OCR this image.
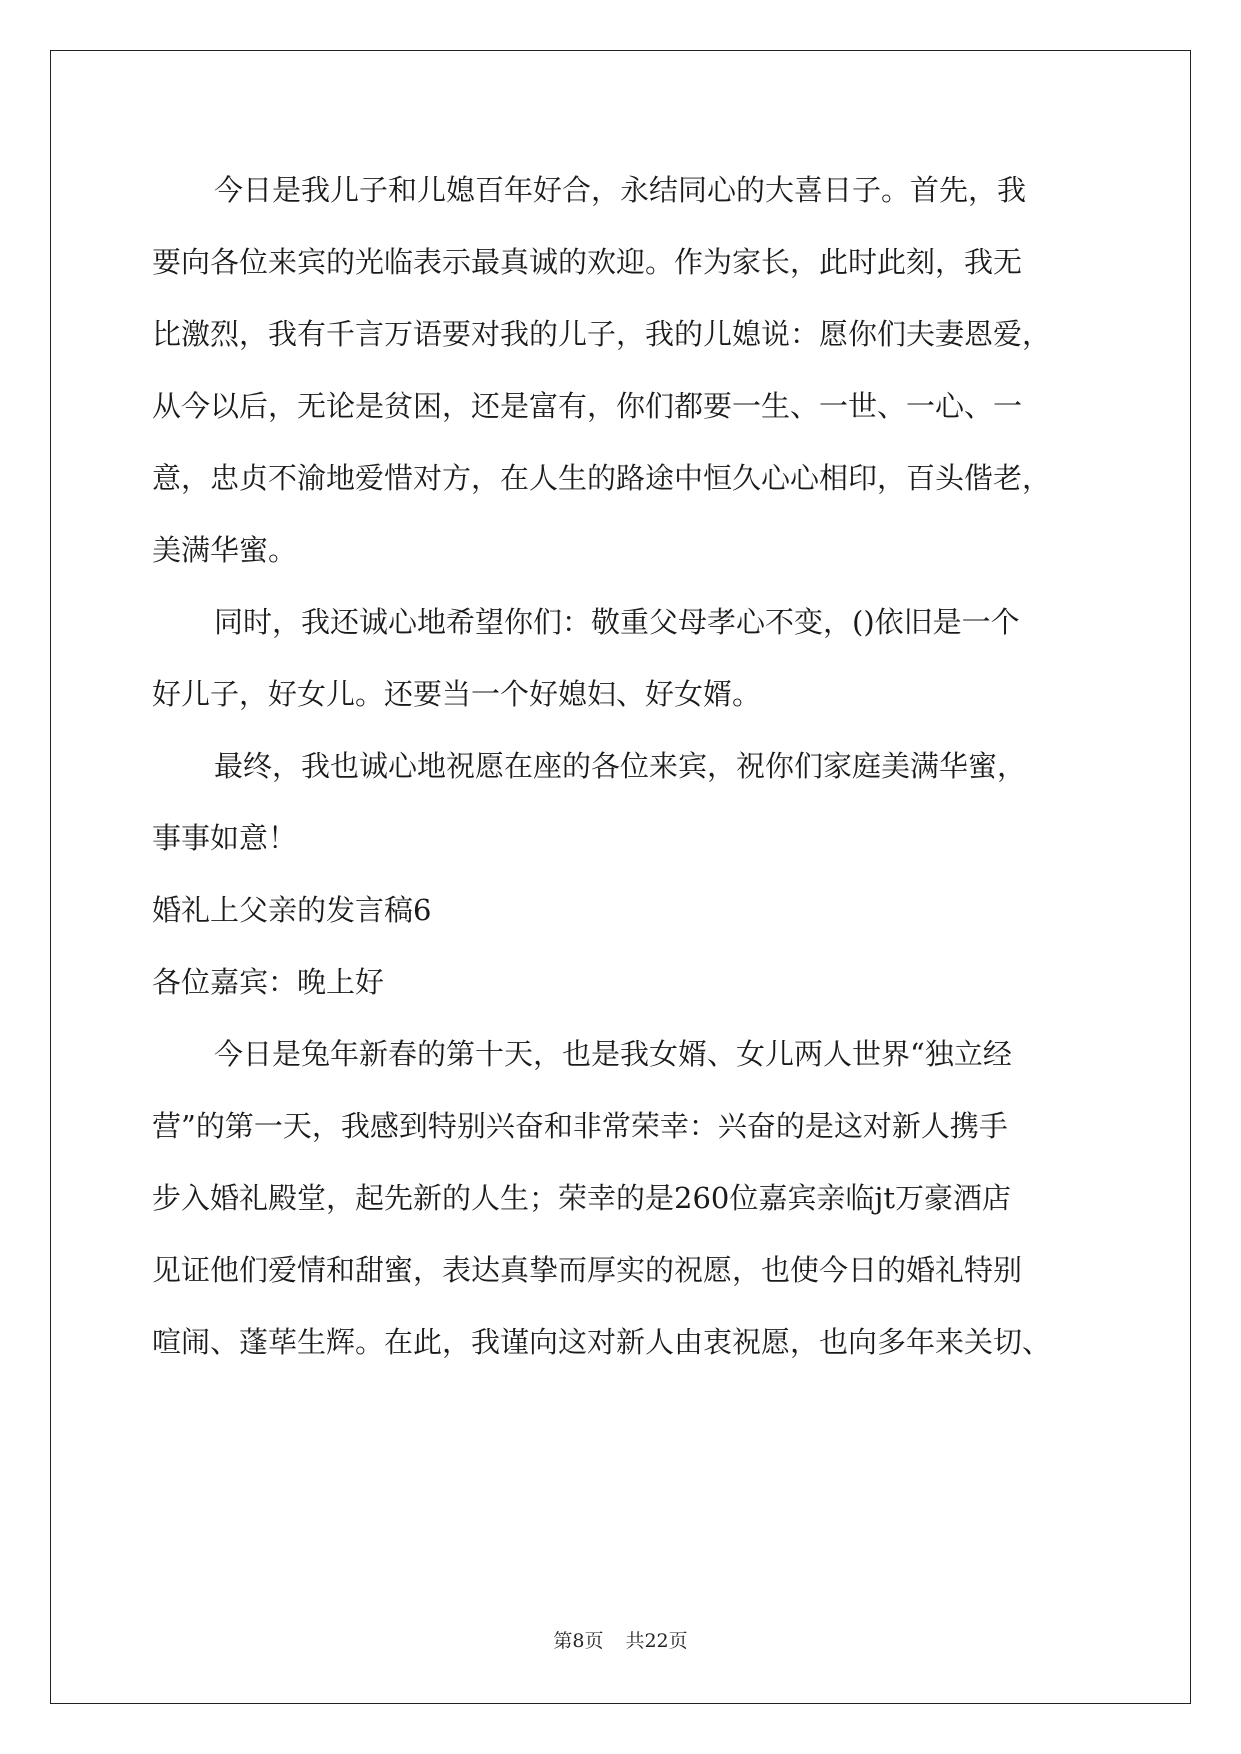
今日是我儿子和儿媳百年好合，永结同心的大喜日子。首先，我

要向各位来宾的光临表示最真诚的欢迎。作为家长，此时此刻，我无

比激烈，我有千言万语要对我的儿子，我的儿媳说：愿你们夫妻恩爱，

从今以后，无论是贫困，还是富有，你们都要一生、一世、一心、一

意，忠贞不渝地爱惜对方，在人生的路途中恒久心心相印，百头偕老，

美满华蜜。

同时，我还诚心地希望你们：敬重父母孝心不变，()依旧是一个

好儿子，好女儿。还要当一个好媳妇、好女婿。

最终，我也诚心地祝愿在座的各位来宾，祝你们家庭美满华蜜，

事事如意！

婚礼上父亲的发言稿6

各位嘉宾：晚上好

今日是兔年新春的第十天，也是我女婿、女儿两人世界“独立经

营”的第一天，我感到特别兴奋和非常荣幸：兴奋的是这对新人携手

步入婚礼殿堂，起先新的人生；荣幸的是260位嘉宾亲临jt万豪酒店

见证他们爱情和甜蜜，表达真挚而厚实的祝愿，也使今日的婚礼特别

喧闹、蓬荜生辉。在此，我谨向这对新人由衷祝愿，也向多年来关切、

第8页 共22页
